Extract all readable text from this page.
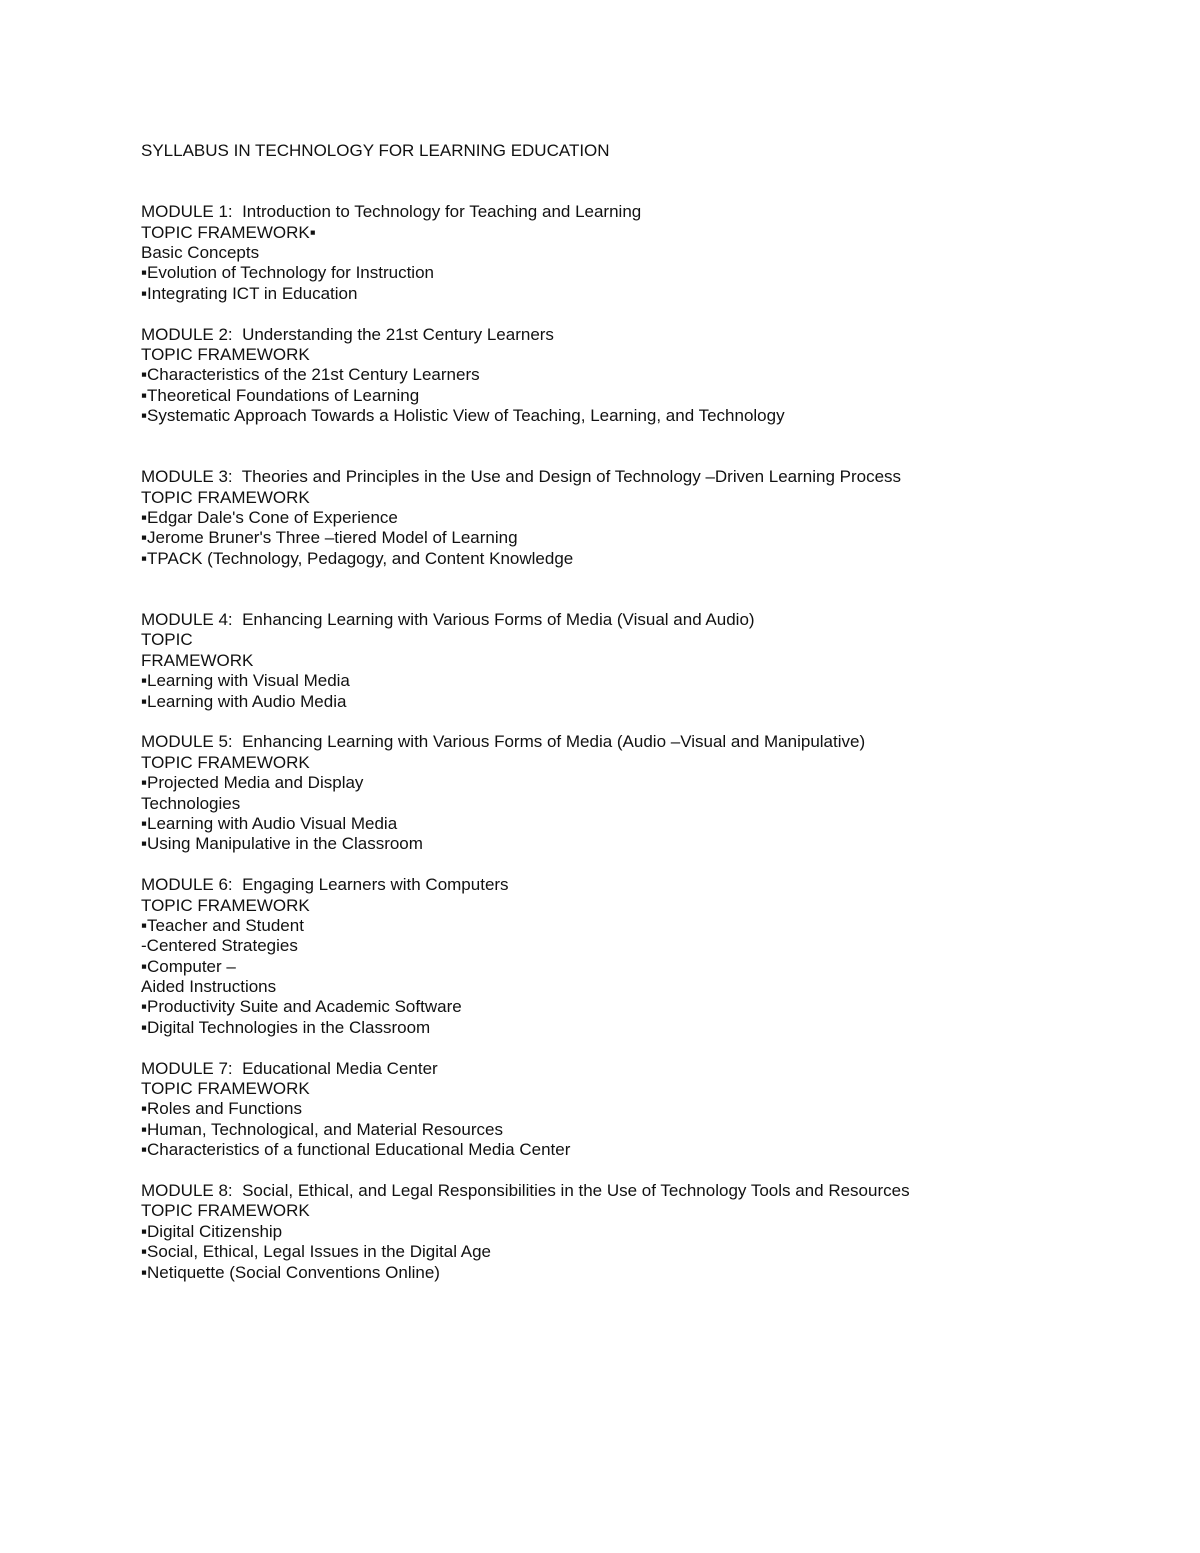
SYLLABUS IN TECHNOLOGY FOR LEARNING EDUCATION
MODULE 1:  Introduction to Technology for Teaching and Learning
TOPIC FRAMEWORK▪
Basic Concepts
▪Evolution of Technology for Instruction
▪Integrating ICT in Education
MODULE 2:  Understanding the 21st Century Learners
TOPIC FRAMEWORK
▪Characteristics of the 21st Century Learners
▪Theoretical Foundations of Learning
▪Systematic Approach Towards a Holistic View of Teaching, Learning, and Technology
MODULE 3:  Theories and Principles in the Use and Design of Technology –Driven Learning Process
TOPIC FRAMEWORK
▪Edgar Dale's Cone of Experience
▪Jerome Bruner's Three –tiered Model of Learning
▪TPACK (Technology, Pedagogy, and Content Knowledge
MODULE 4:  Enhancing Learning with Various Forms of Media (Visual and Audio)
TOPIC
FRAMEWORK
▪Learning with Visual Media
▪Learning with Audio Media
MODULE 5:  Enhancing Learning with Various Forms of Media (Audio –Visual and Manipulative)
TOPIC FRAMEWORK
▪Projected Media and Display
Technologies
▪Learning with Audio Visual Media
▪Using Manipulative in the Classroom
MODULE 6:  Engaging Learners with Computers
TOPIC FRAMEWORK
▪Teacher and Student
-Centered Strategies
▪Computer –
Aided Instructions
▪Productivity Suite and Academic Software
▪Digital Technologies in the Classroom
MODULE 7:  Educational Media Center
TOPIC FRAMEWORK
▪Roles and Functions
▪Human, Technological, and Material Resources
▪Characteristics of a functional Educational Media Center
MODULE 8:  Social, Ethical, and Legal Responsibilities in the Use of Technology Tools and Resources
TOPIC FRAMEWORK
▪Digital Citizenship
▪Social, Ethical, Legal Issues in the Digital Age
▪Netiquette (Social Conventions Online)
